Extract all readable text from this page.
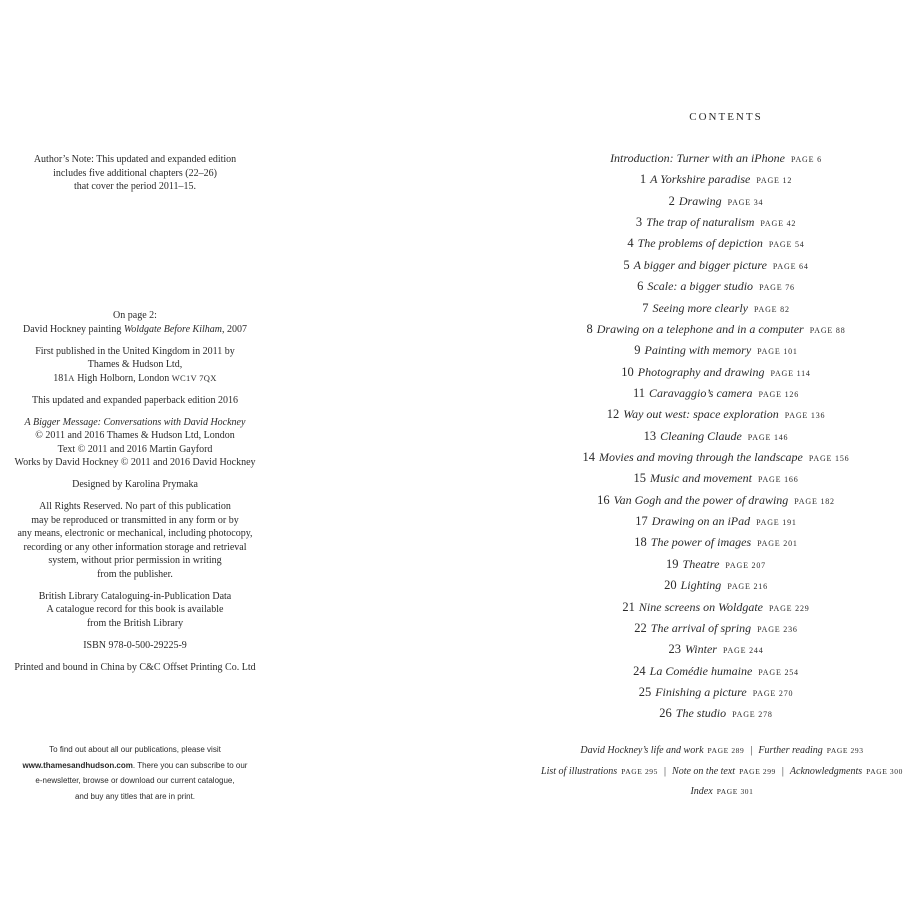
Author’s Note: This updated and expanded edition
includes five additional chapters (22–26)
that cover the period 2011–15.
On page 2:
David Hockney painting Woldgate Before Kilham, 2007
First published in the United Kingdom in 2011 by
Thames & Hudson Ltd,
181A High Holborn, London WC1V 7QX
This updated and expanded paperback edition 2016
A Bigger Message: Conversations with David Hockney
© 2011 and 2016 Thames & Hudson Ltd, London
Text © 2011 and 2016 Martin Gayford
Works by David Hockney © 2011 and 2016 David Hockney
Designed by Karolina Prymaka
All Rights Reserved. No part of this publication
may be reproduced or transmitted in any form or by
any means, electronic or mechanical, including photocopy,
recording or any other information storage and retrieval
system, without prior permission in writing
from the publisher.
British Library Cataloguing-in-Publication Data
A catalogue record for this book is available
from the British Library
ISBN 978-0-500-29225-9
Printed and bound in China by C&C Offset Printing Co. Ltd
To find out about all our publications, please visit
www.thamesandhudson.com. There you can subscribe to our
e-newsletter, browse or download our current catalogue,
and buy any titles that are in print.
CONTENTS
Introduction: Turner with an iPhone PAGE 6
1 A Yorkshire paradise PAGE 12
2 Drawing PAGE 34
3 The trap of naturalism PAGE 42
4 The problems of depiction PAGE 54
5 A bigger and bigger picture PAGE 64
6 Scale: a bigger studio PAGE 76
7 Seeing more clearly PAGE 82
8 Drawing on a telephone and in a computer PAGE 88
9 Painting with memory PAGE 101
10 Photography and drawing PAGE 114
11 Caravaggio’s camera PAGE 126
12 Way out west: space exploration PAGE 136
13 Cleaning Claude PAGE 146
14 Movies and moving through the landscape PAGE 156
15 Music and movement PAGE 166
16 Van Gogh and the power of drawing PAGE 182
17 Drawing on an iPad PAGE 191
18 The power of images PAGE 201
19 Theatre PAGE 207
20 Lighting PAGE 216
21 Nine screens on Woldgate PAGE 229
22 The arrival of spring PAGE 236
23 Winter PAGE 244
24 La Comédie humaine PAGE 254
25 Finishing a picture PAGE 270
26 The studio PAGE 278
David Hockney’s life and work PAGE 289 | Further reading PAGE 293
List of illustrations PAGE 295 | Note on the text PAGE 299 | Acknowledgments PAGE 300
Index PAGE 301
